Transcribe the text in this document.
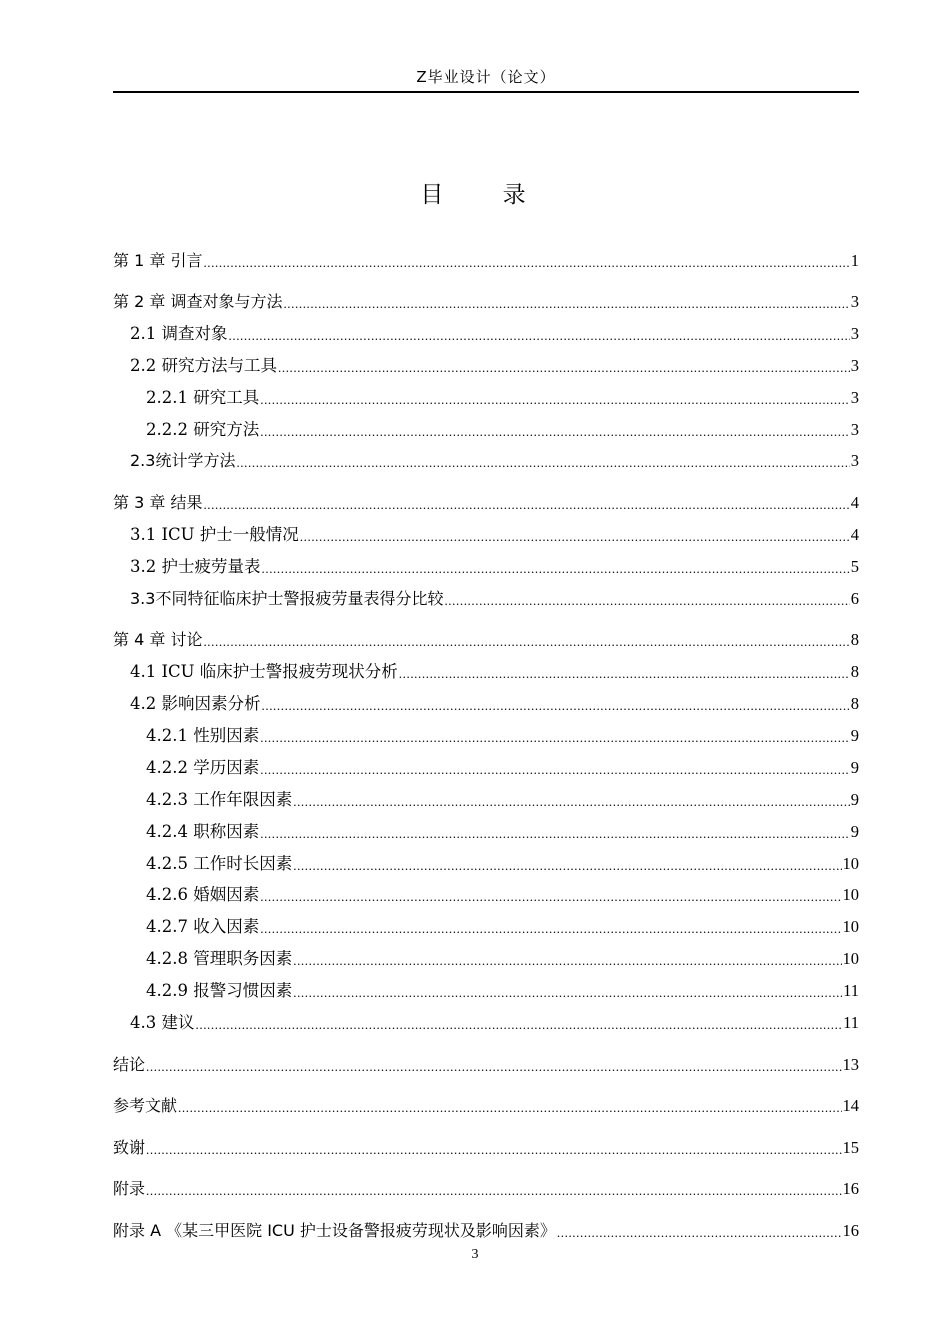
Z毕业设计（论文）
目 录
第 1 章 引言 .....	1
第 2 章 调查对象与方法 .....	3
2.1 调查对象 .....	3
2.2 研究方法与工具 .....	3
2.2.1 研究工具 .....	3
2.2.2 研究方法 .....	3
2.3统计学方法 .....	3
第 3 章 结果 .....	4
3.1 ICU 护士一般情况 .....	4
3.2 护士疲劳量表 .....	5
3.3不同特征临床护士警报疲劳量表得分比较 .....	6
第 4 章 讨论 .....	8
4.1 ICU 临床护士警报疲劳现状分析 .....	8
4.2 影响因素分析 .....	8
4.2.1 性别因素 .....	9
4.2.2 学历因素 .....	9
4.2.3 工作年限因素 .....	9
4.2.4 职称因素 .....	9
4.2.5 工作时长因素 .....	10
4.2.6 婚姻因素 .....	10
4.2.7 收入因素 .....	10
4.2.8 管理职务因素 .....	10
4.2.9 报警习惯因素 .....	11
4.3 建议 .....	11
结论 .....	13
参考文献 .....	14
致谢 .....	15
附录 .....	16
附录 A 《某三甲医院 ICU 护士设备警报疲劳现状及影响因素》 .....	16
3
